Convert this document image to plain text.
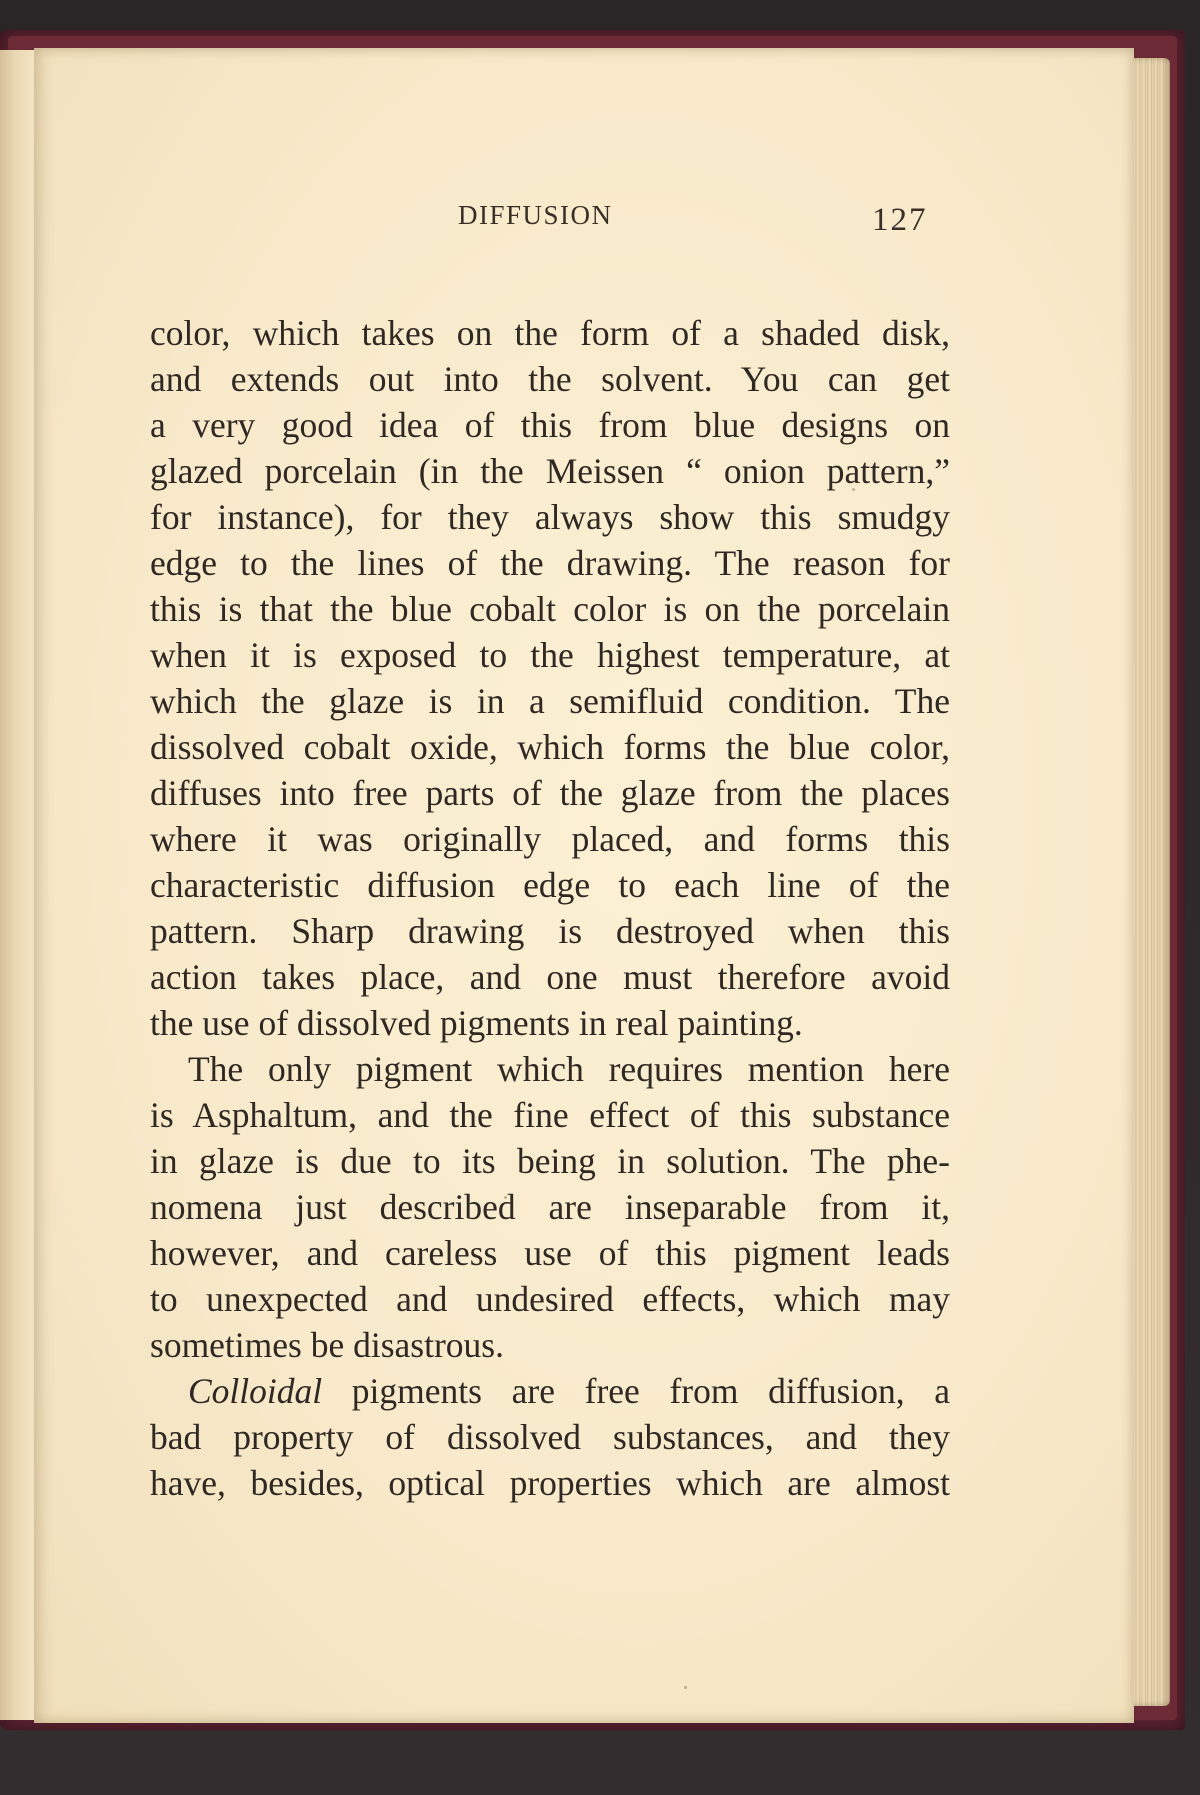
DIFFUSION	127
color, which takes on the form of a shaded disk,
and extends out into the solvent. You can get
a very good idea of this from blue designs on
glazed porcelain (in the Meissen “ onion pattern,”
for instance), for they always show this smudgy
edge to the lines of the drawing. The reason for
this is that the blue cobalt color is on the porcelain
when it is exposed to the highest temperature, at
which the glaze is in a semifluid condition. The
dissolved cobalt oxide, which forms the blue color,
diffuses into free parts of the glaze from the places
where it was originally placed, and forms this
characteristic diffusion edge to each line of the
pattern. Sharp drawing is destroyed when this
action takes place, and one must therefore avoid
the use of dissolved pigments in real painting.
The only pigment which requires mention here
is Asphaltum, and the fine effect of this substance
in glaze is due to its being in solution. The phe-
nomena just described are inseparable from it,
however, and careless use of this pigment leads
to unexpected and undesired effects, which may
sometimes be disastrous.
Colloidal pigments are free from diffusion, a
bad property of dissolved substances, and they
have, besides, optical properties which are almost
